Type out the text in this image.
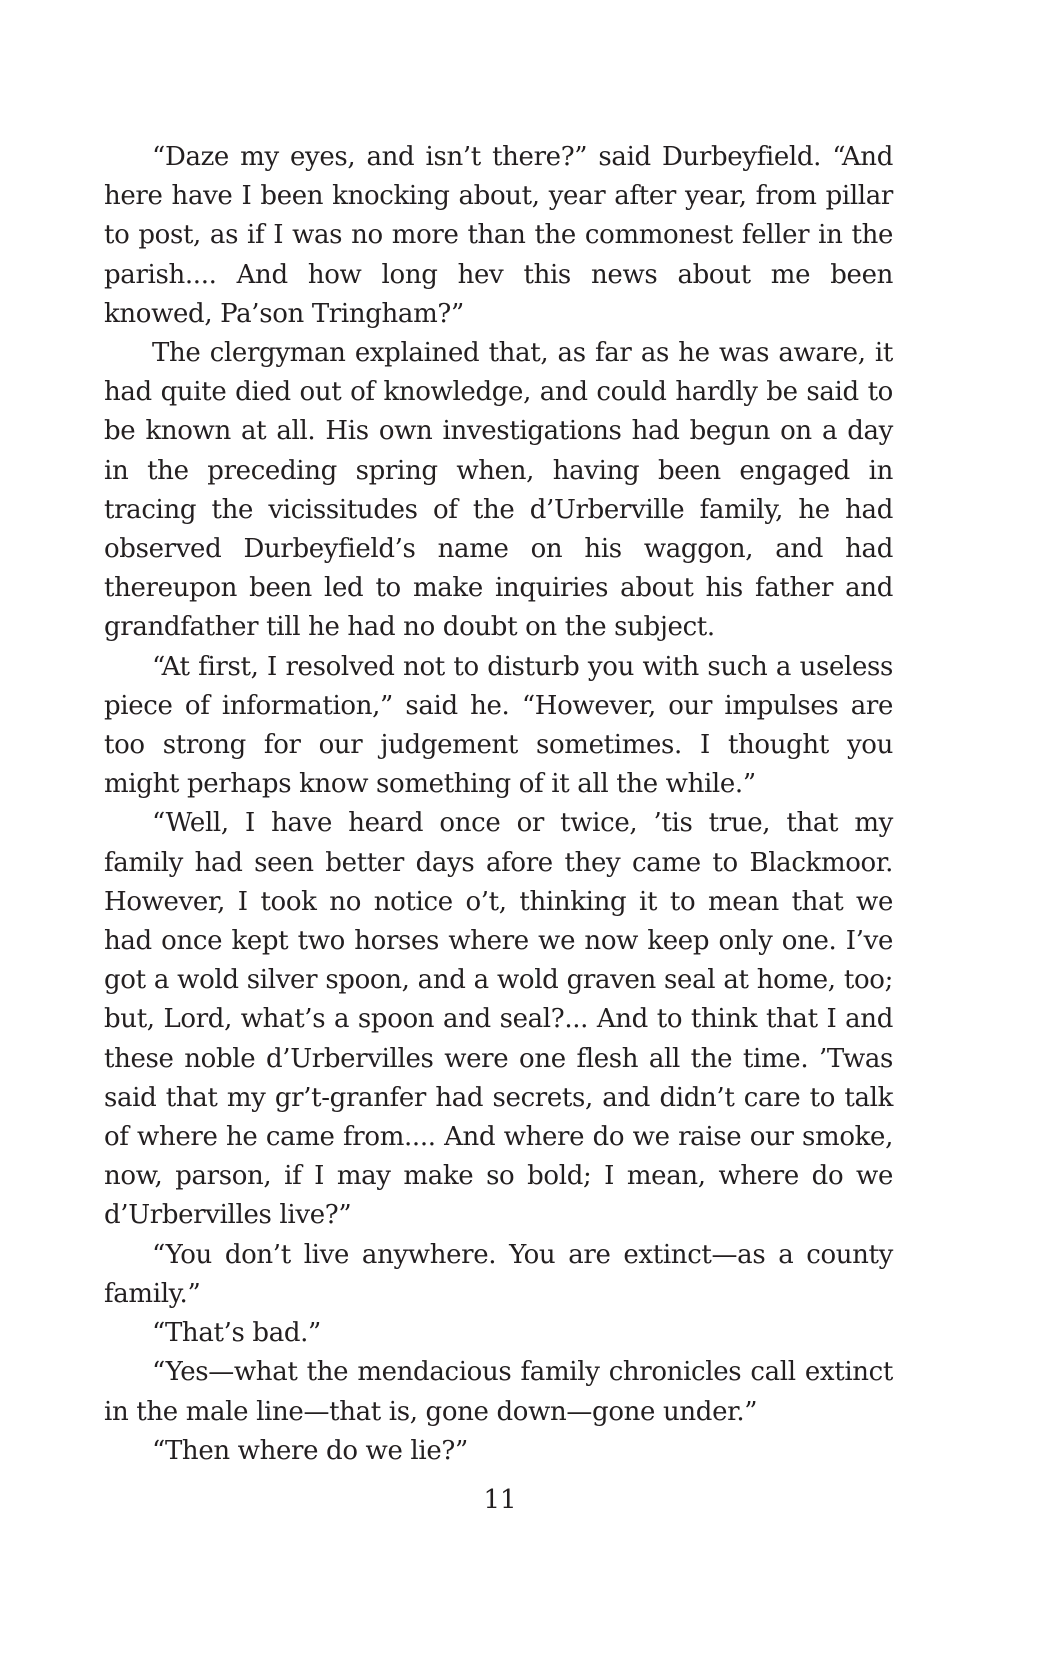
“Daze my eyes, and isn’t there?” said Durbeyfield. “And here have I been knocking about, year after year, from pillar to post, as if I was no more than the commonest feller in the parish.... And how long hev this news about me been knowed, Pa’son Tringham?”

The clergyman explained that, as far as he was aware, it had quite died out of knowledge, and could hardly be said to be known at all. His own investigations had begun on a day in the preceding spring when, having been engaged in tracing the vicissitudes of the d’Urberville family, he had observed Durbeyfield’s name on his waggon, and had thereupon been led to make inquiries about his father and grandfather till he had no doubt on the subject.

“At first, I resolved not to disturb you with such a useless piece of information,” said he. “However, our impulses are too strong for our judgement sometimes. I thought you might perhaps know something of it all the while.”

“Well, I have heard once or twice, ’tis true, that my family had seen better days afore they came to Blackmoor. However, I took no notice o’t, thinking it to mean that we had once kept two horses where we now keep only one. I’ve got a wold silver spoon, and a wold graven seal at home, too; but, Lord, what’s a spoon and seal?... And to think that I and these noble d’Urbervilles were one flesh all the time. ’Twas said that my gr’t-granfer had secrets, and didn’t care to talk of where he came from.... And where do we raise our smoke, now, parson, if I may make so bold; I mean, where do we d’Urbervilles live?”

“You don’t live anywhere. You are extinct—as a county family.”

“That’s bad.”

“Yes—what the mendacious family chronicles call extinct in the male line—that is, gone down—gone under.”

“Then where do we lie?”

11
